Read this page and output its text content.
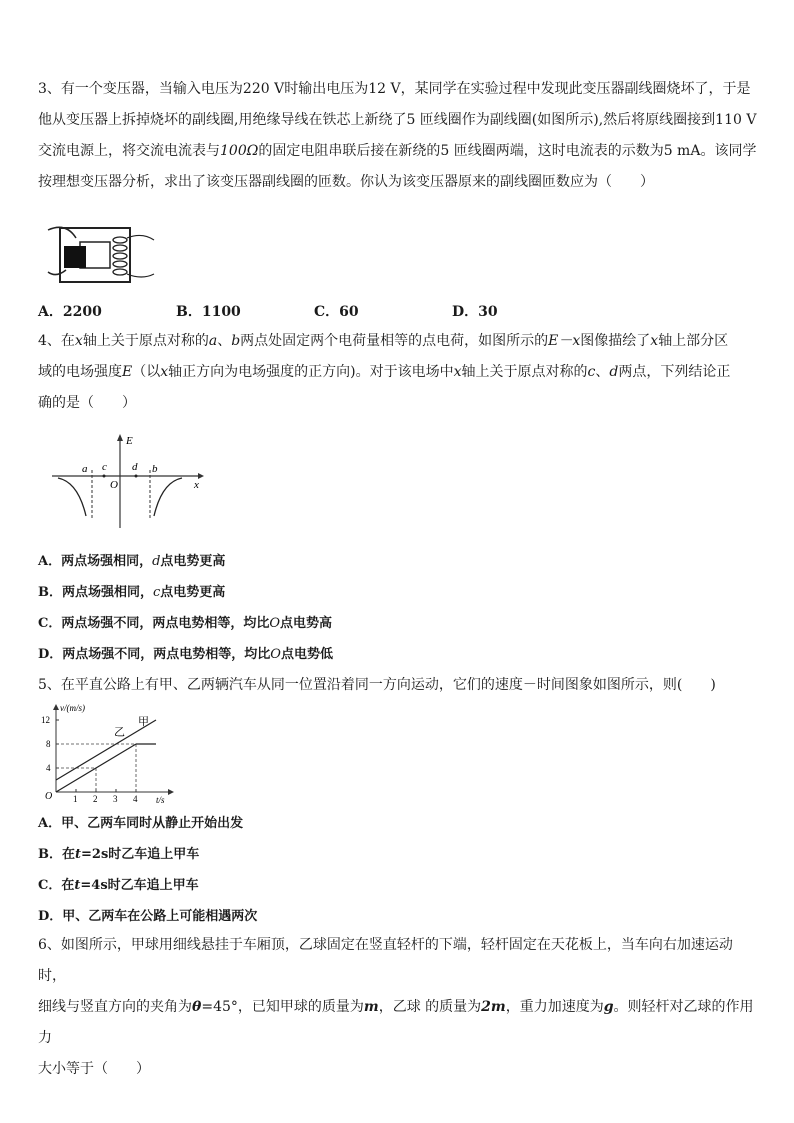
3、有一个变压器，当输入电压为220 V时输出电压为12 V，某同学在实验过程中发现此变压器副线圈烧坏了，于是

他从变压器上拆掉烧坏的副线圈,用绝缘导线在铁芯上新绕了5 匝线圈作为副线圈(如图所示),然后将原线圈接到110 V

交流电源上，将交流电流表与100Ω的固定电阻串联后接在新绕的5 匝线圈两端，这时电流表的示数为5 mA。该同学

按理想变压器分析，求出了该变压器副线圈的匝数。你认为该变压器原来的副线圈匝数应为（　　）

A．2200	B．1100	C．60	D．30

4、在x轴上关于原点对称的a、b两点处固定两个电荷量相等的点电荷，如图所示的E－x图像描绘了x轴上部分区

域的电场强度E（以x轴正方向为电场强度的正方向)。对于该电场中x轴上关于原点对称的c、d两点，下列结论正

确的是（　　）

E
x
a c
O
d b
A．两点场强相同，d点电势更高
B．两点场强相同，c点电势更高
C．两点场强不同，两点电势相等，均比O点电势高
D．两点场强不同，两点电势相等，均比O点电势低

5、在平直公路上有甲、乙两辆汽车从同一位置沿着同一方向运动，它们的速度－时间图象如图所示，则(　　)

v/(m/s)
t/s
O 1 2 3 4
4
8
12	甲
乙
A．甲、乙两车同时从静止开始出发
B．在t=2s时乙车追上甲车
C．在t=4s时乙车追上甲车
D．甲、乙两车在公路上可能相遇两次

6、如图所示，甲球用细线悬挂于车厢顶，乙球固定在竖直轻杆的下端，轻杆固定在天花板上，当车向右加速运动时，

细线与竖直方向的夹角为θ=45°，已知甲球的质量为m，乙球 的质量为2m，重力加速度为g。则轻杆对乙球的作用力

大小等于（　　）
